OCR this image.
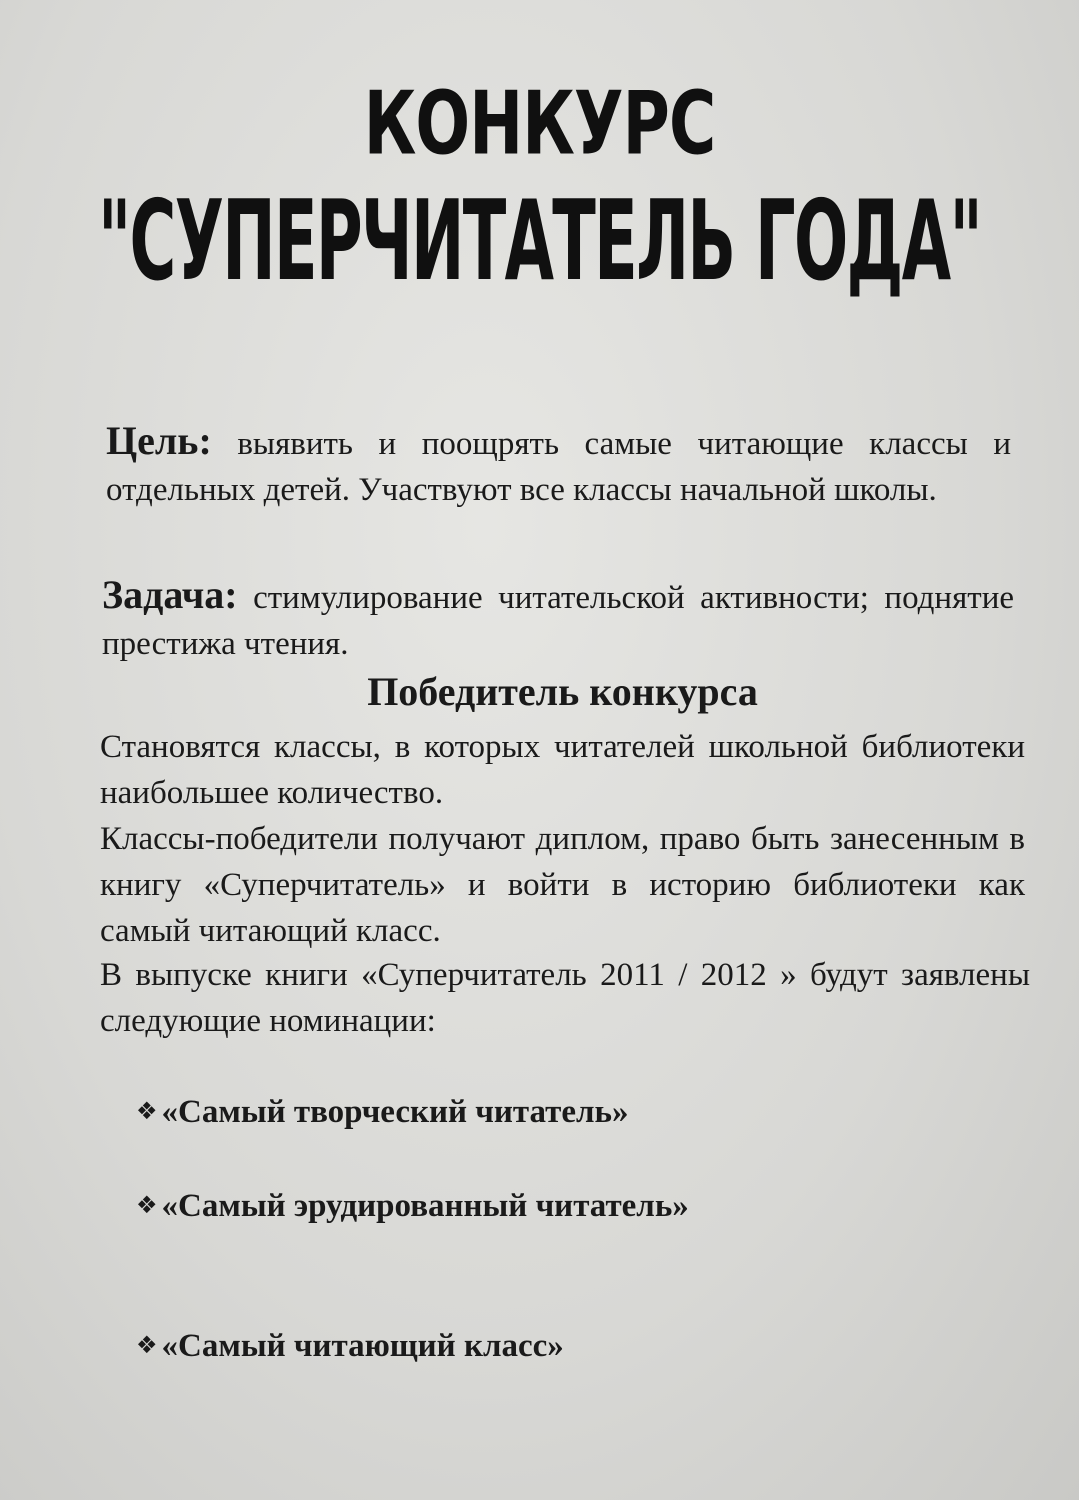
КОНКУРС
"СУПЕРЧИТАТЕЛЬ ГОДА"
Цель: выявить и поощрять самые читающие классы и отдельных детей. Участвуют все классы начальной школы.
Задача: стимулирование читательской активности; поднятие престижа чтения.
Победитель конкурса
Становятся классы, в которых читателей школьной библиотеки наибольшее количество.
Классы-победители получают диплом, право быть занесенным в книгу «Суперчитатель» и войти в историю библиотеки как самый читающий класс.
В выпуске книги «Суперчитатель 2011 / 2012 » будут заявлены следующие номинации:
❖ «Самый творческий читатель»
❖ «Самый эрудированный читатель»
❖ «Самый читающий класс»
